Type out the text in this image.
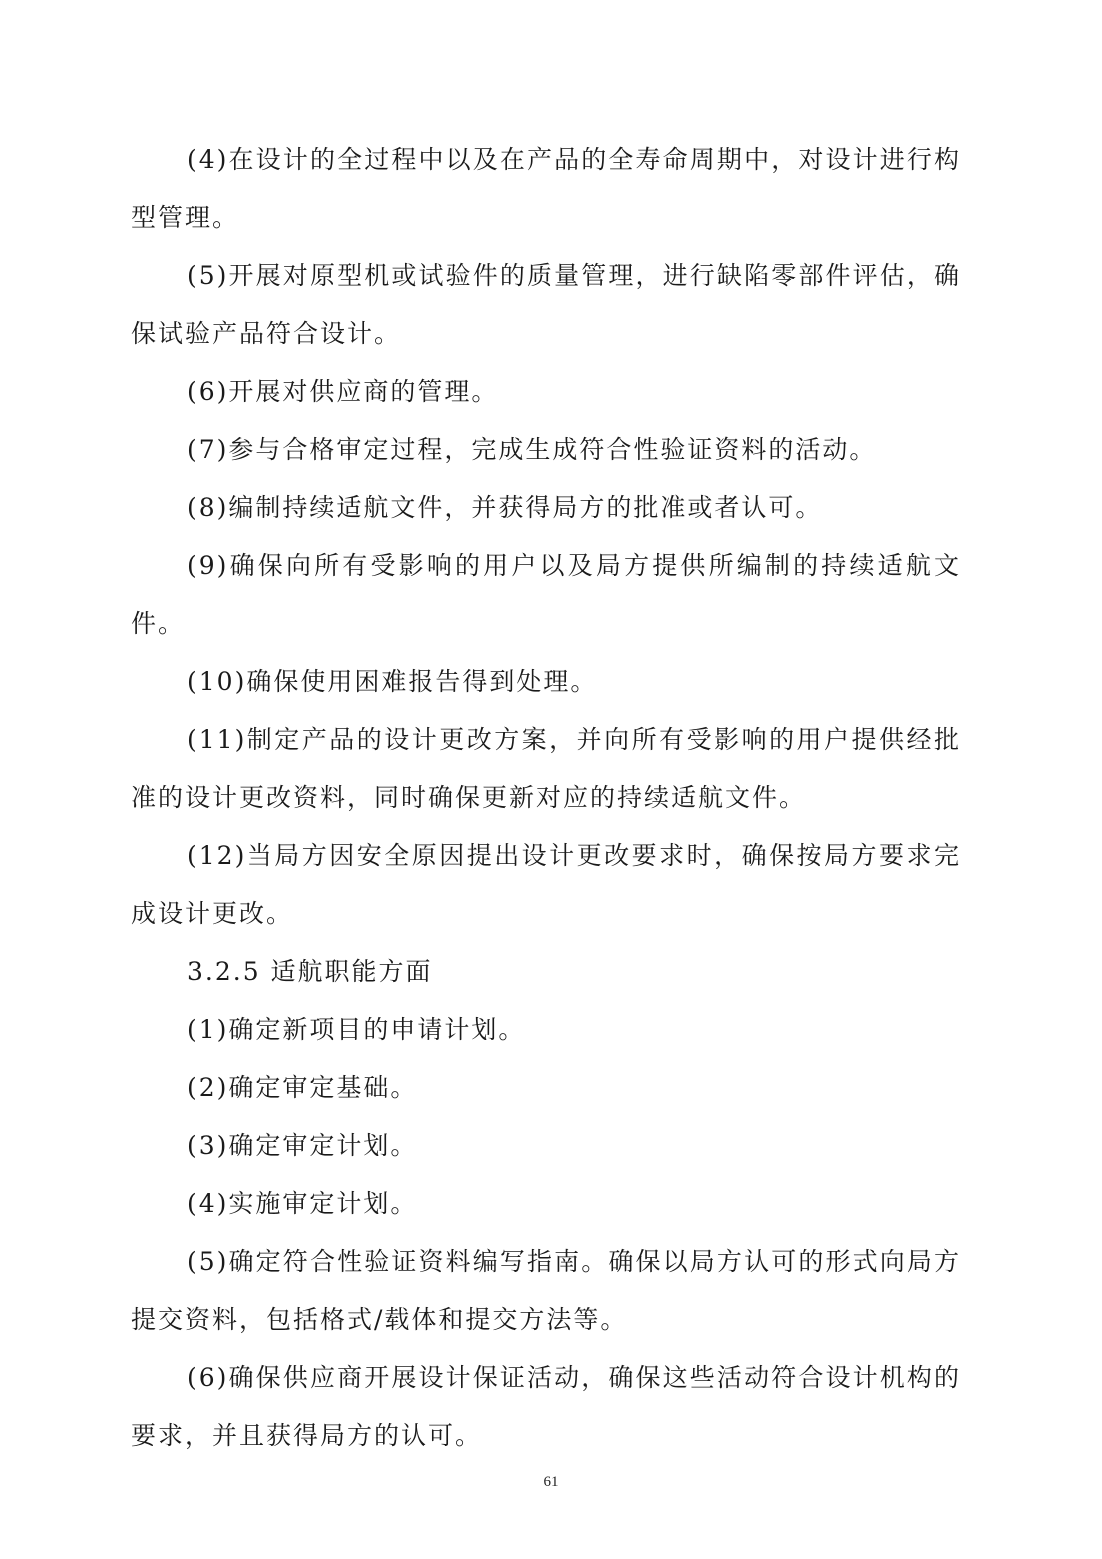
(4)在设计的全过程中以及在产品的全寿命周期中，对设计进行构型管理。

(5)开展对原型机或试验件的质量管理，进行缺陷零部件评估，确保试验产品符合设计。

(6)开展对供应商的管理。

(7)参与合格审定过程，完成生成符合性验证资料的活动。

(8)编制持续适航文件，并获得局方的批准或者认可。

(9)确保向所有受影响的用户以及局方提供所编制的持续适航文件。

(10)确保使用困难报告得到处理。

(11)制定产品的设计更改方案，并向所有受影响的用户提供经批准的设计更改资料，同时确保更新对应的持续适航文件。

(12)当局方因安全原因提出设计更改要求时，确保按局方要求完成设计更改。

3.2.5 适航职能方面

(1)确定新项目的申请计划。

(2)确定审定基础。

(3)确定审定计划。

(4)实施审定计划。

(5)确定符合性验证资料编写指南。确保以局方认可的形式向局方提交资料，包括格式/载体和提交方法等。

(6)确保供应商开展设计保证活动，确保这些活动符合设计机构的要求，并且获得局方的认可。

61
